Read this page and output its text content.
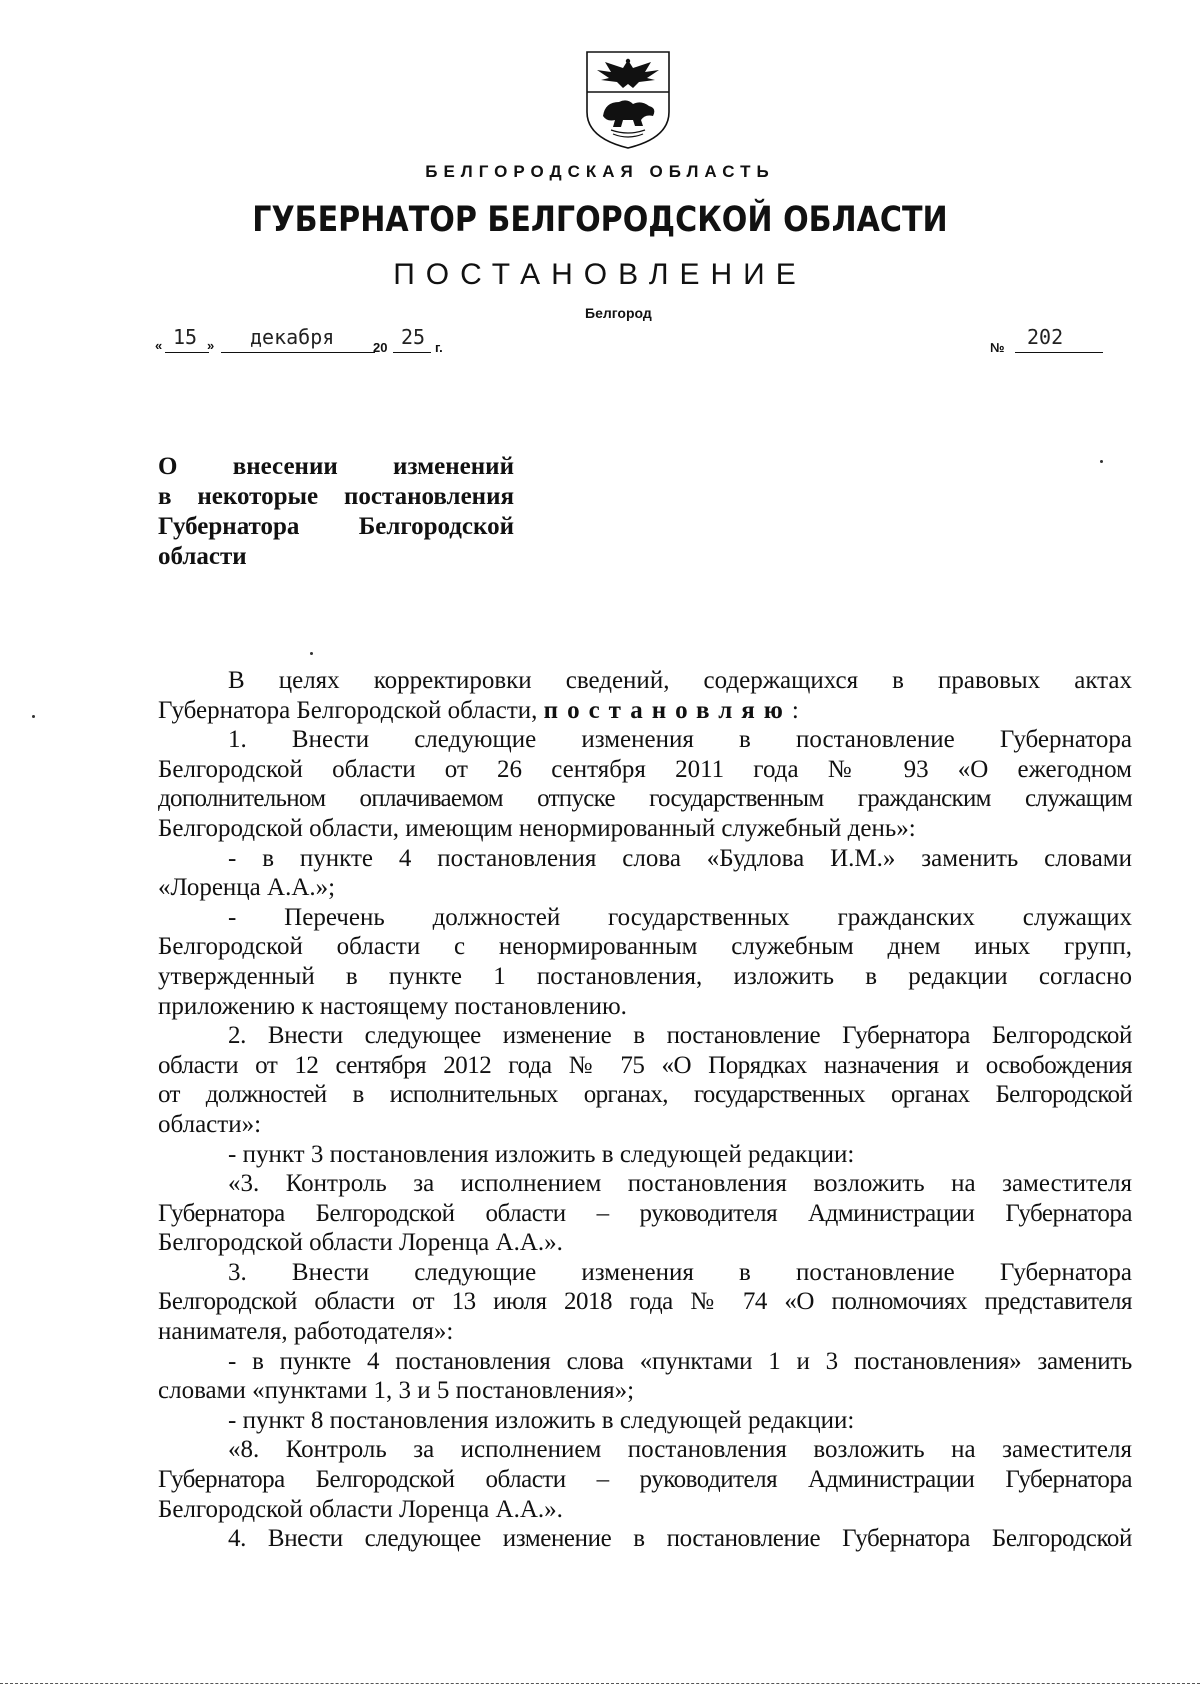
БЕЛГОРОДСКАЯ ОБЛАСТЬ
ГУБЕРНАТОР БЕЛГОРОДСКОЙ ОБЛАСТИ
ПОСТАНОВЛЕНИЕ
Белгород
« 15 » декабря	20 25 г.	№ 202
О внесении изменений
в некоторые постановления
Губернатора Белгородской
области
В целях корректировки сведений, содержащихся в правовых актах
Губернатора Белгородской области, постановляю:
1. Внести следующие изменения в постановление Губернатора
Белгородской области от 26 сентября 2011 года № 93 «О ежегодном
дополнительном оплачиваемом отпуске государственным гражданским служащим
Белгородской области, имеющим ненормированный служебный день»:
- в пункте 4 постановления слова «Будлова И.М.» заменить словами
«Лоренца А.А.»;
- Перечень должностей государственных гражданских служащих
Белгородской области с ненормированным служебным днем иных групп,
утвержденный в пункте 1 постановления, изложить в редакции согласно
приложению к настоящему постановлению.
2. Внести следующее изменение в постановление Губернатора Белгородской
области от 12 сентября 2012 года № 75 «О Порядках назначения и освобождения
от должностей в исполнительных органах, государственных органах Белгородской
области»:
- пункт 3 постановления изложить в следующей редакции:
«3. Контроль за исполнением постановления возложить на заместителя
Губернатора Белгородской области – руководителя Администрации Губернатора
Белгородской области Лоренца А.А.».
3. Внести следующие изменения в постановление Губернатора
Белгородской области от 13 июля 2018 года № 74 «О полномочиях представителя
нанимателя, работодателя»:
- в пункте 4 постановления слова «пунктами 1 и 3 постановления» заменить
словами «пунктами 1, 3 и 5 постановления»;
- пункт 8 постановления изложить в следующей редакции:
«8. Контроль за исполнением постановления возложить на заместителя
Губернатора Белгородской области – руководителя Администрации Губернатора
Белгородской области Лоренца А.А.».
4. Внести следующее изменение в постановление Губернатора Белгородской
